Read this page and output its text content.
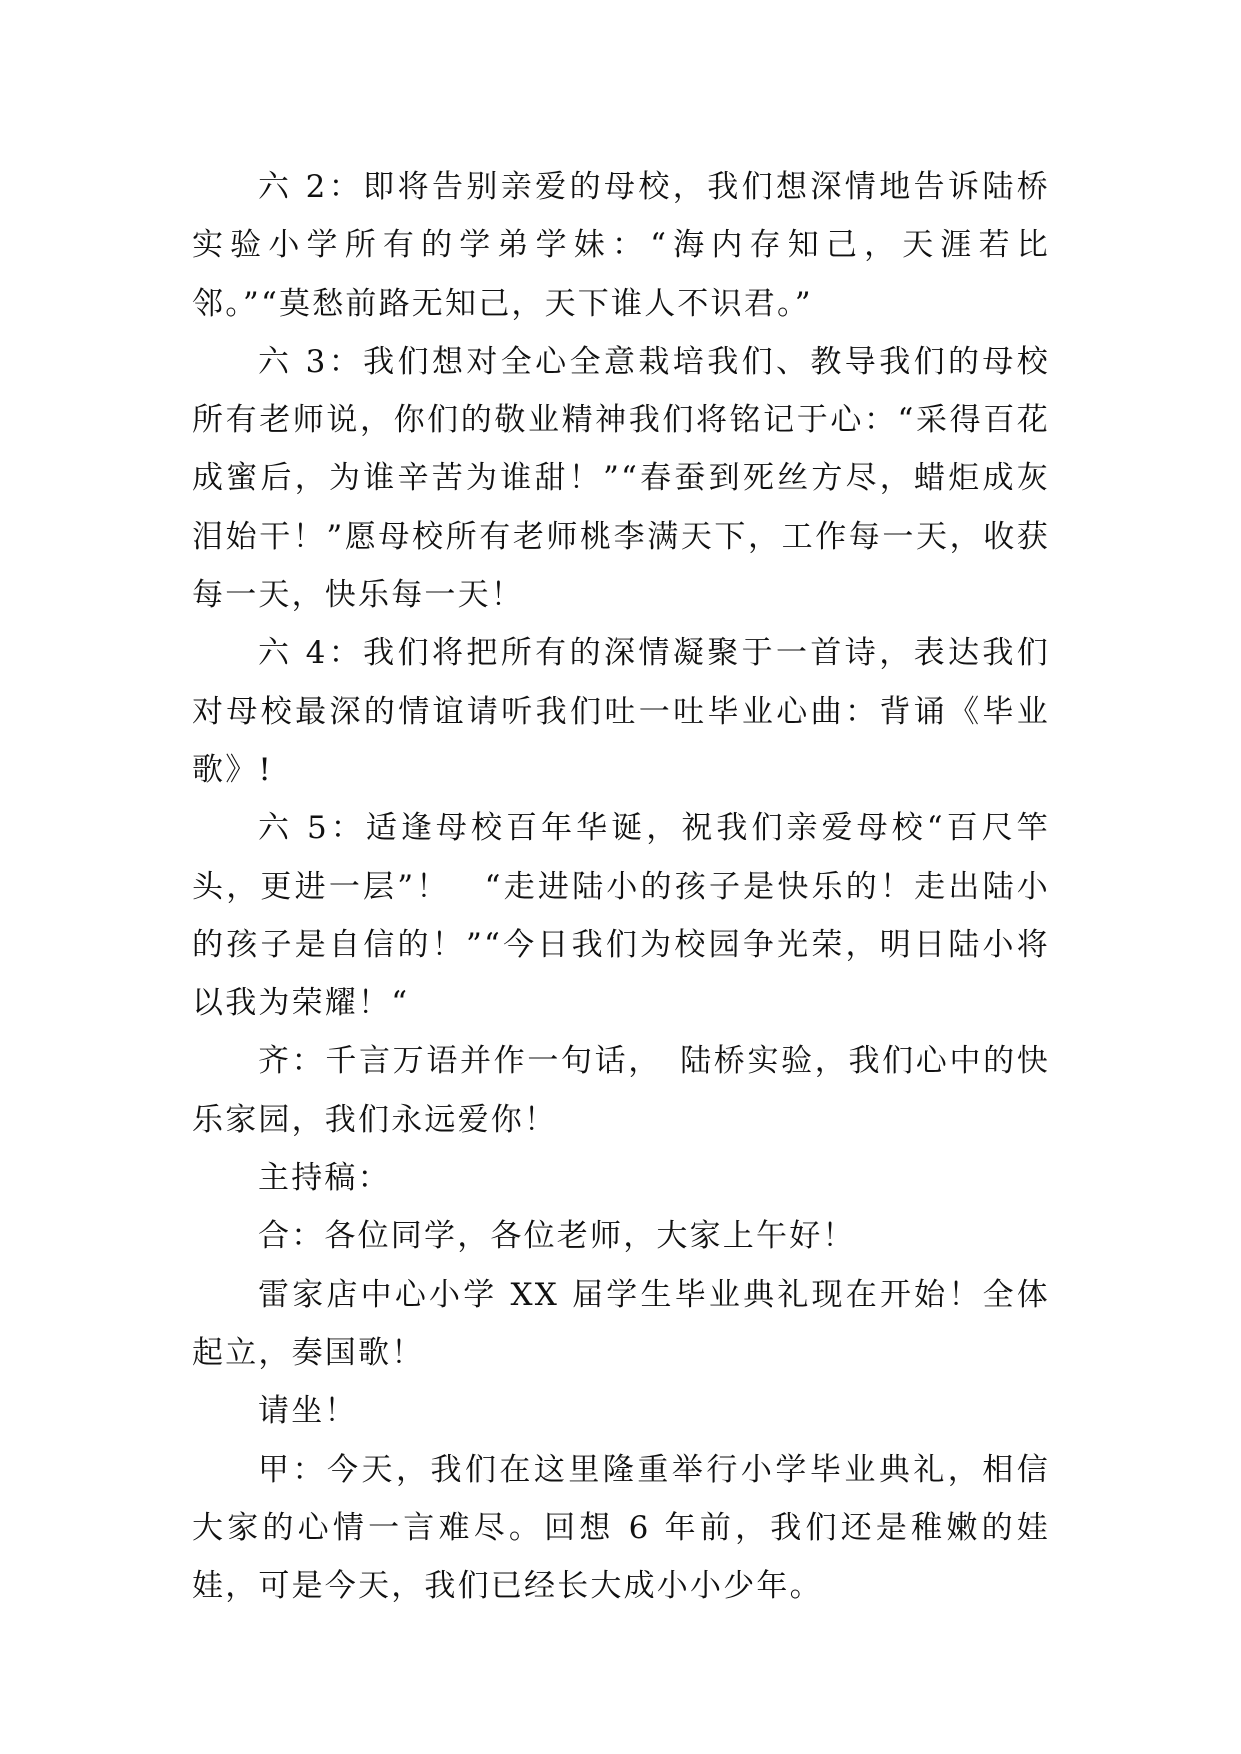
六 2：即将告别亲爱的母校，我们想深情地告诉陆桥实验小学所有的学弟学妹：“海内存知己，天涯若比邻。”“莫愁前路无知己，天下谁人不识君。”

六 3：我们想对全心全意栽培我们、教导我们的母校所有老师说，你们的敬业精神我们将铭记于心：“采得百花成蜜后，为谁辛苦为谁甜！”“春蚕到死丝方尽，蜡炬成灰泪始干！”愿母校所有老师桃李满天下，工作每一天，收获每一天，快乐每一天！

六 4：我们将把所有的深情凝聚于一首诗，表达我们对母校最深的情谊请听我们吐一吐毕业心曲：背诵《毕业歌》!

六 5：适逢母校百年华诞，祝我们亲爱母校“百尺竿头，更进一层”！　“走进陆小的孩子是快乐的！走出陆小的孩子是自信的！”“今日我们为校园争光荣，明日陆小将以我为荣耀！“

齐：千言万语并作一句话，　陆桥实验，我们心中的快乐家园，我们永远爱你！

主持稿：

合：各位同学，各位老师，大家上午好！

雷家店中心小学 XX 届学生毕业典礼现在开始！全体起立，奏国歌！

请坐！

甲：今天，我们在这里隆重举行小学毕业典礼，相信大家的心情一言难尽。回想 6 年前，我们还是稚嫩的娃娃，可是今天，我们已经长大成小小少年。
